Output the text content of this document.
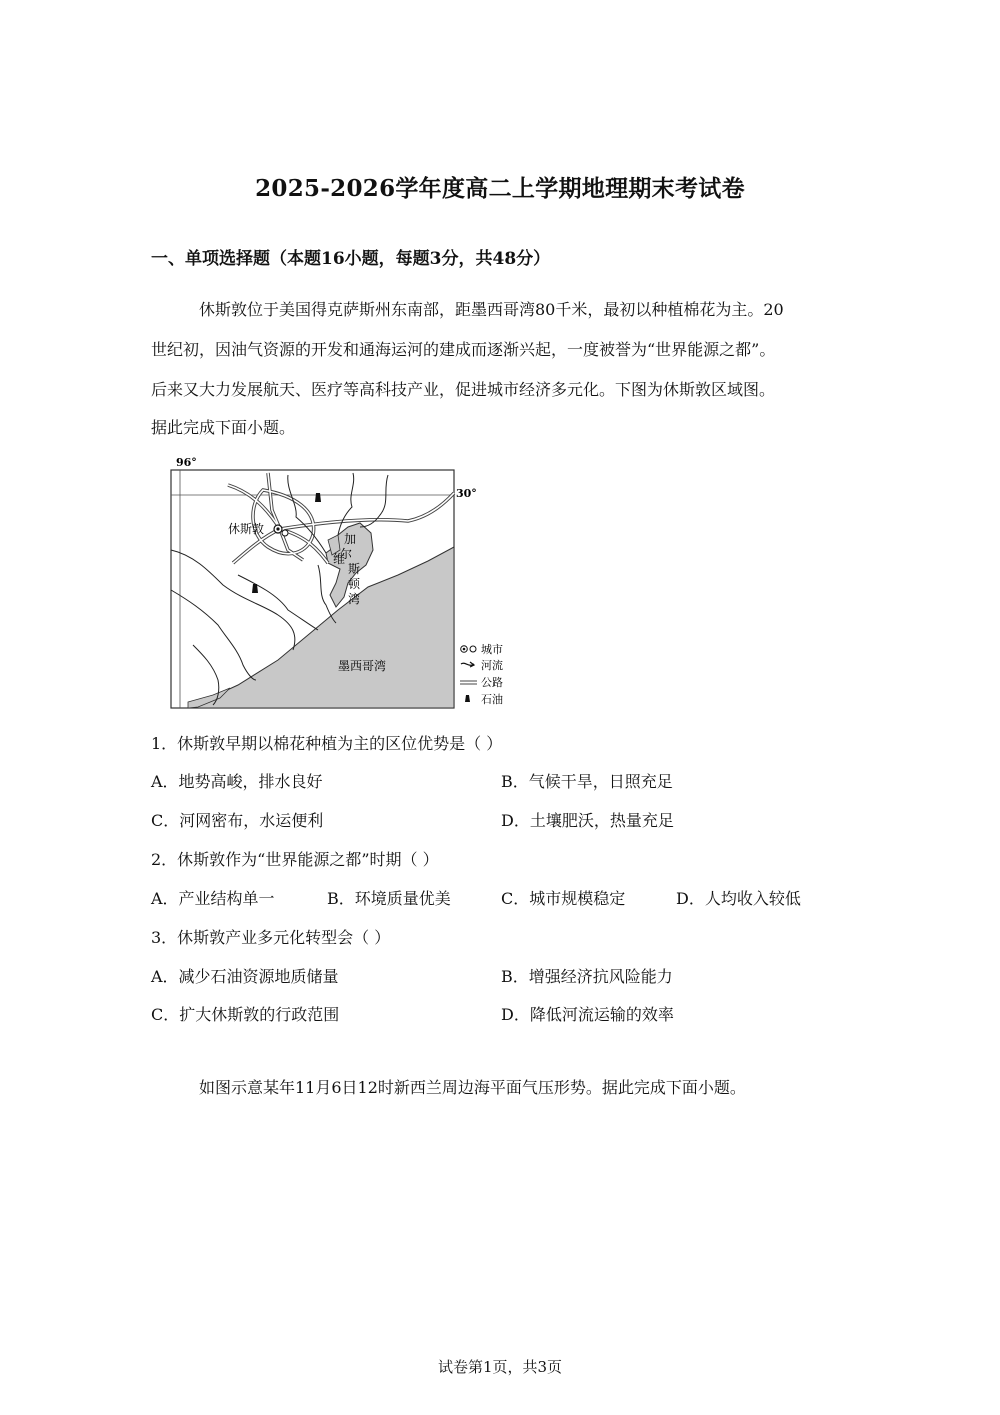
2025-2026学年度高二上学期地理期末考试卷
一、单项选择题（本题16小题，每题3分，共48分）
休斯敦位于美国得克萨斯州东南部，距墨西哥湾80千米，最初以种植棉花为主。20
世纪初，因油气资源的开发和通海运河的建成而逐渐兴起，一度被誉为“世界能源之都”。
后来又大力发展航天、医疗等高科技产业，促进城市经济多元化。下图为休斯敦区域图。
据此完成下面小题。
96°
30°
休斯敦
加
尔
维
斯
顿
湾
墨西哥湾
城市
河流
公路
石油
1．休斯敦早期以棉花种植为主的区位优势是（ ）
A．地势高峻，排水良好	B．气候干旱，日照充足
C．河网密布，水运便利	D．土壤肥沃，热量充足
2．休斯敦作为“世界能源之都”时期（ ）
A．产业结构单一	B．环境质量优美	C．城市规模稳定	D．人均收入较低
3．休斯敦产业多元化转型会（ ）
A．减少石油资源地质储量	B．增强经济抗风险能力
C．扩大休斯敦的行政范围	D．降低河流运输的效率
如图示意某年11月6日12时新西兰周边海平面气压形势。据此完成下面小题。
试卷第1页，共3页
